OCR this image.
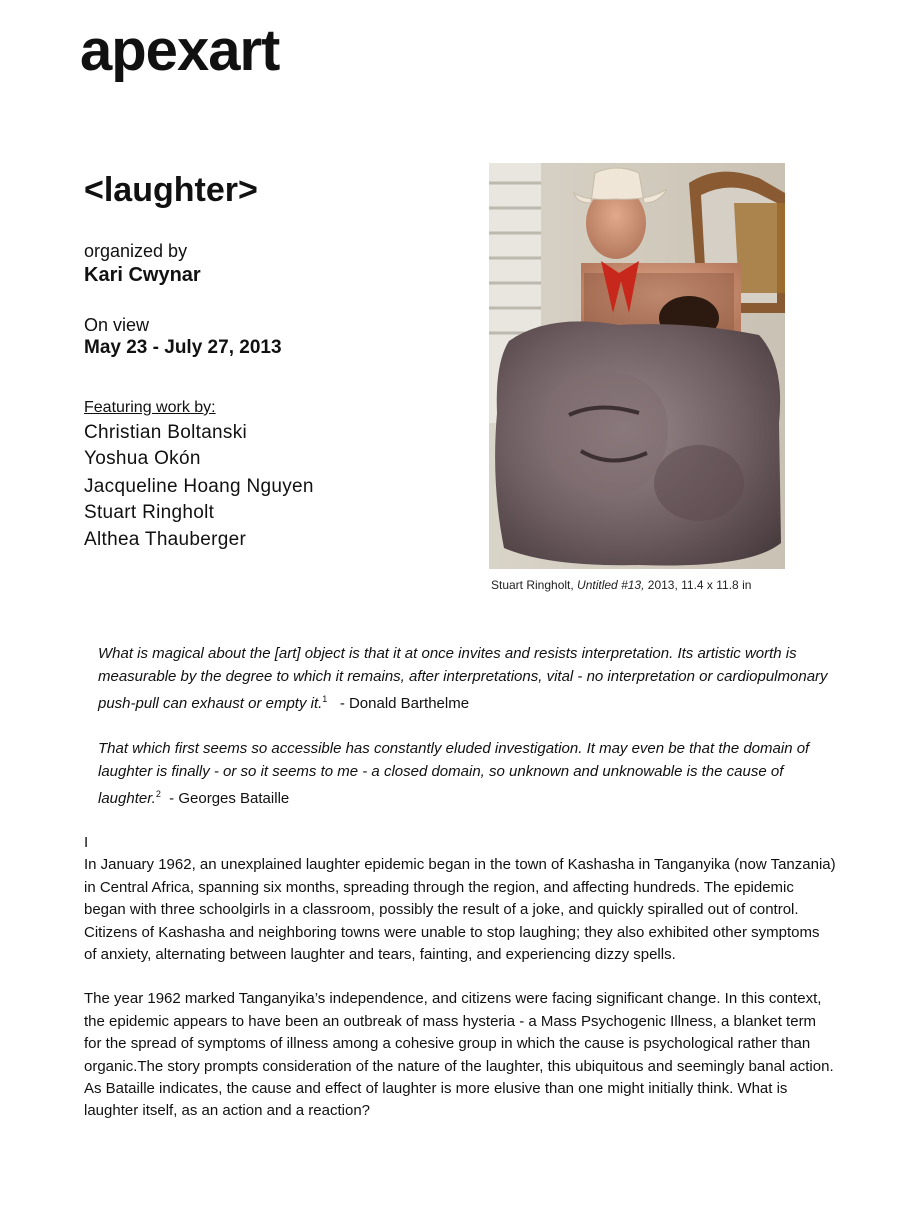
apexart
<laughter>
organized by
Kari Cwynar
On view
May 23 - July 27, 2013
Featuring work by:
Christian Boltanski
Yoshua Okón
Jacqueline Hoang Nguyen
Stuart Ringholt
Althea Thauberger
Stuart Ringholt, Untitled #13, 2013, 11.4 x 11.8 in
What is magical about the [art] object is that it at once invites and resists interpretation. Its artistic worth is measurable by the degree to which it remains, after interpretations, vital - no interpretation or cardiopulmonary push-pull can exhaust or empty it.$^1$   - Donald Barthelme
That which first seems so accessible has constantly eluded investigation. It may even be that the domain of laughter is finally - or so it seems to me - a closed domain, so unknown and unknowable is the cause of laughter.$^2$  - Georges Bataille

I

In January 1962, an unexplained laughter epidemic began in the town of Kashasha in Tanganyika (now Tanzania) in Central Africa, spanning six months, spreading through the region, and affecting hundreds. The epidemic began with three schoolgirls in a classroom, possibly the result of a joke, and quickly spiralled out of control. Citizens of Kashasha and neighboring towns were unable to stop laughing; they also exhibited other symptoms of anxiety, alternating between laughter and tears, fainting, and experiencing dizzy spells.

The year 1962 marked Tanganyika’s independence, and citizens were facing significant change. In this context, the epidemic appears to have been an outbreak of mass hysteria - a Mass Psychogenic Illness, a blanket term for the spread of symptoms of illness among a cohesive group in which the cause is psychological rather than organic.The story prompts consideration of the nature of the laughter, this ubiquitous and seemingly banal action. As Bataille indicates, the cause and effect of laughter is more elusive than one might initially think. What is laughter itself, as an action and a reaction?
